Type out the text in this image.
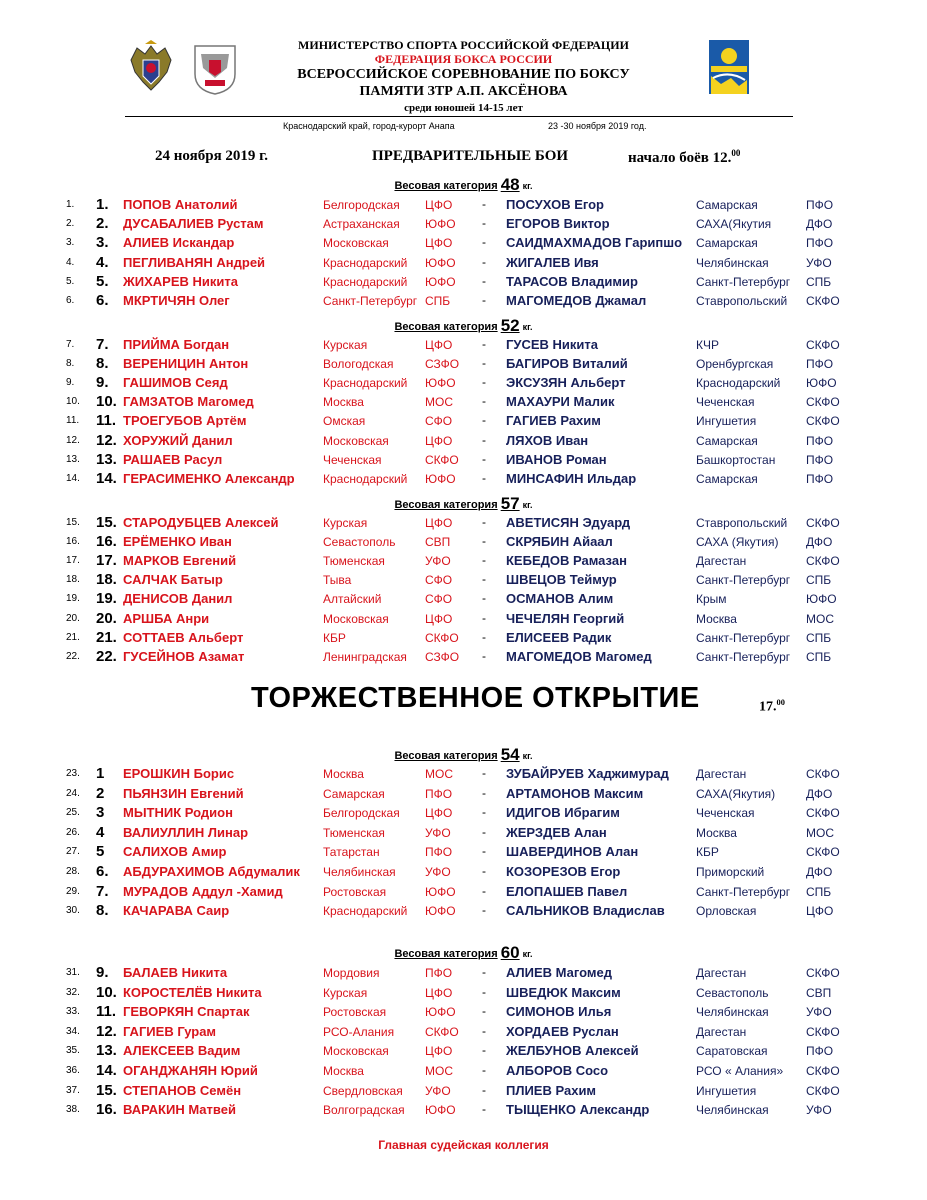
МИНИСТЕРСТВО СПОРТА РОССИЙСКОЙ ФЕДЕРАЦИИ
ФЕДЕРАЦИЯ БОКСА РОССИИ
ВСЕРОССИЙСКОЕ СОРЕВНОВАНИЕ ПО БОКСУ
ПАМЯТИ ЗТР А.П. АКСЁНОВА
среди юношей 14-15 лет
Краснодарский край, город-курорт Анапа	23 -30 ноября 2019 год.
24 ноября 2019 г.	ПРЕДВАРИТЕЛЬНЫЕ БОИ	начало боёв 12.00
Весовая категория 48 кг.
1. 1. ПОПОВ Анатолий	Белгородская ЦФО - ПОСУХОВ Егор	Самарская	ПФО
2. 2. ДУСАБАЛИЕВ Рустам	Астраханская ЮФО - ЕГОРОВ Виктор	САХА(Якутия	ДФО
3. 3. АЛИЕВ Искандар	Московская	ЦФО - САИДМАХМАДОВ Гарипшо Самарская	ПФО
4. 4. ПЕГЛИВАНЯН Андрей	Краснодарский ЮФО - ЖИГАЛЕВ Ивя	Челябинская	УФО
5. 5. ЖИХАРЕВ Никита	Краснодарский ЮФО - ТАРАСОВ Владимир	Санкт-Петербург СПБ
6. 6. МКРТИЧЯН Олег	Санкт-Петербург СПБ	- МАГОМЕДОВ Джамал	Ставропольский СКФО
Весовая категория 52 кг.
7. 7. ПРИЙМА Богдан	Курская	ЦФО - ГУСЕВ Никита	КЧР	СКФО
8. 8. ВЕРЕНИЦИН Антон	Вологодская	СЗФО - БАГИРОВ Виталий	Оренбургская	ПФО
9. 9. ГАШИМОВ Сеяд	Краснодарский ЮФО - ЭКСУЗЯН Альберт	Краснодарский ЮФО
10. 10. ГАМЗАТОВ Магомед	Москва	МОС - МАХАУРИ Малик	Чеченская	СКФО
11. 11. ТРОЕГУБОВ Артём	Омская	СФО - ГАГИЕВ Рахим	Ингушетия	СКФО
12. 12. ХОРУЖИЙ Данил	Московская	ЦФО - ЛЯХОВ Иван	Самарская	ПФО
13. 13. РАШАЕВ Расул	Чеченская	СКФО - ИВАНОВ Роман	Башкортостан	ПФО
14. 14. ГЕРАСИМЕНКО Александр Краснодарский ЮФО - МИНСАФИН Ильдар	Самарская	ПФО
Весовая категория 57 кг.
15. 15. СТАРОДУБЦЕВ Алексей	Курская	ЦФО - АВЕТИСЯН Эдуард	Ставропольский СКФО
16. 16. ЕРЁМЕНКО Иван	Севастополь СВП	- СКРЯБИН Айаал	САХА (Якутия) ДФО
17. 17. МАРКОВ Евгений	Тюменская	УФО	- КЕБЕДОВ Рамазан	Дагестан	СКФО
18. 18. САЛЧАК Батыр	Тыва	СФО - ШВЕЦОВ Теймур	Санкт-Петербург СПБ
19. 19. ДЕНИСОВ Данил	Алтайский	СФО - ОСМАНОВ Алим	Крым	ЮФО
20. 20. АРШБА Анри	Московская	ЦФО - ЧЕЧЕЛЯН Георгий	Москва	МОС
21. 21. СОТТАЕВ Альберт	КБР	СКФО - ЕЛИСЕЕВ Радик	Санкт-Петербург СПБ
22. 22. ГУСЕЙНОВ Азамат	Ленинградская СЗФО - МАГОМЕДОВ Магомед	Санкт-Петербург СПБ
Весовая категория 54 кг.
23. 1 ЕРОШКИН Борис	Москва	МОС - ЗУБАЙРУЕВ Хаджимурад Дагестан	СКФО
24. 2 ПЬЯНЗИН Евгений	Самарская	ПФО - АРТАМОНОВ Максим	САХА(Якутия)	ДФО
25. 3 МЫТНИК Родион	Белгородская ЦФО - ИДИГОВ Ибрагим	Чеченская	СКФО
26. 4 ВАЛИУЛЛИН Линар	Тюменская	УФО	- ЖЕРЗДЕВ Алан	Москва	МОС
27. 5 САЛИХОВ Амир	Татарстан	ПФО - ШАВЕРДИНОВ Алан	КБР	СКФО
28. 6. АБДУРАХИМОВ Абдумалик Челябинская УФО	- КОЗОРЕЗОВ Егор	Приморский	ДФО
29. 7. МУРАДОВ Аддул -Хамид	Ростовская	ЮФО - ЕЛОПАШЕВ Павел	Санкт-Петербург СПБ
30. 8. КАЧАРАВА Саир	Краснодарский ЮФО - САЛЬНИКОВ Владислав	Орловская	ЦФО
Весовая категория 60 кг.
31. 9. БАЛАЕВ Никита	Мордовия	ПФО - АЛИЕВ Магомед	Дагестан	СКФО
32. 10. КОРОСТЕЛЁВ Никита	Курская	ЦФО - ШВЕДЮК Максим	Севастополь	СВП
33. 11. ГЕВОРКЯН Спартак	Ростовская	ЮФО - СИМОНОВ Илья	Челябинская	УФО
34. 12. ГАГИЕВ Гурам	РСО-Алания	СКФО - ХОРДАЕВ Руслан	Дагестан	СКФО
35. 13. АЛЕКСЕЕВ Вадим	Московская	ЦФО - ЖЕЛБУНОВ Алексей	Саратовская	ПФО
36. 14. ОГАНДЖАНЯН Юрий	Москва	МОС - АЛБОРОВ Сосо	РСО « Алания» СКФО
37. 15. СТЕПАНОВ Семён	Свердловская УФО	- ПЛИЕВ Рахим	Ингушетия	СКФО
38. 16. ВАРАКИН Матвей	Волгоградская ЮФО - ТЫЩЕНКО Александр	Челябинская	УФО
ТОРЖЕСТВЕННОЕ ОТКРЫТИЕ	17.00
Главная судейская коллегия
